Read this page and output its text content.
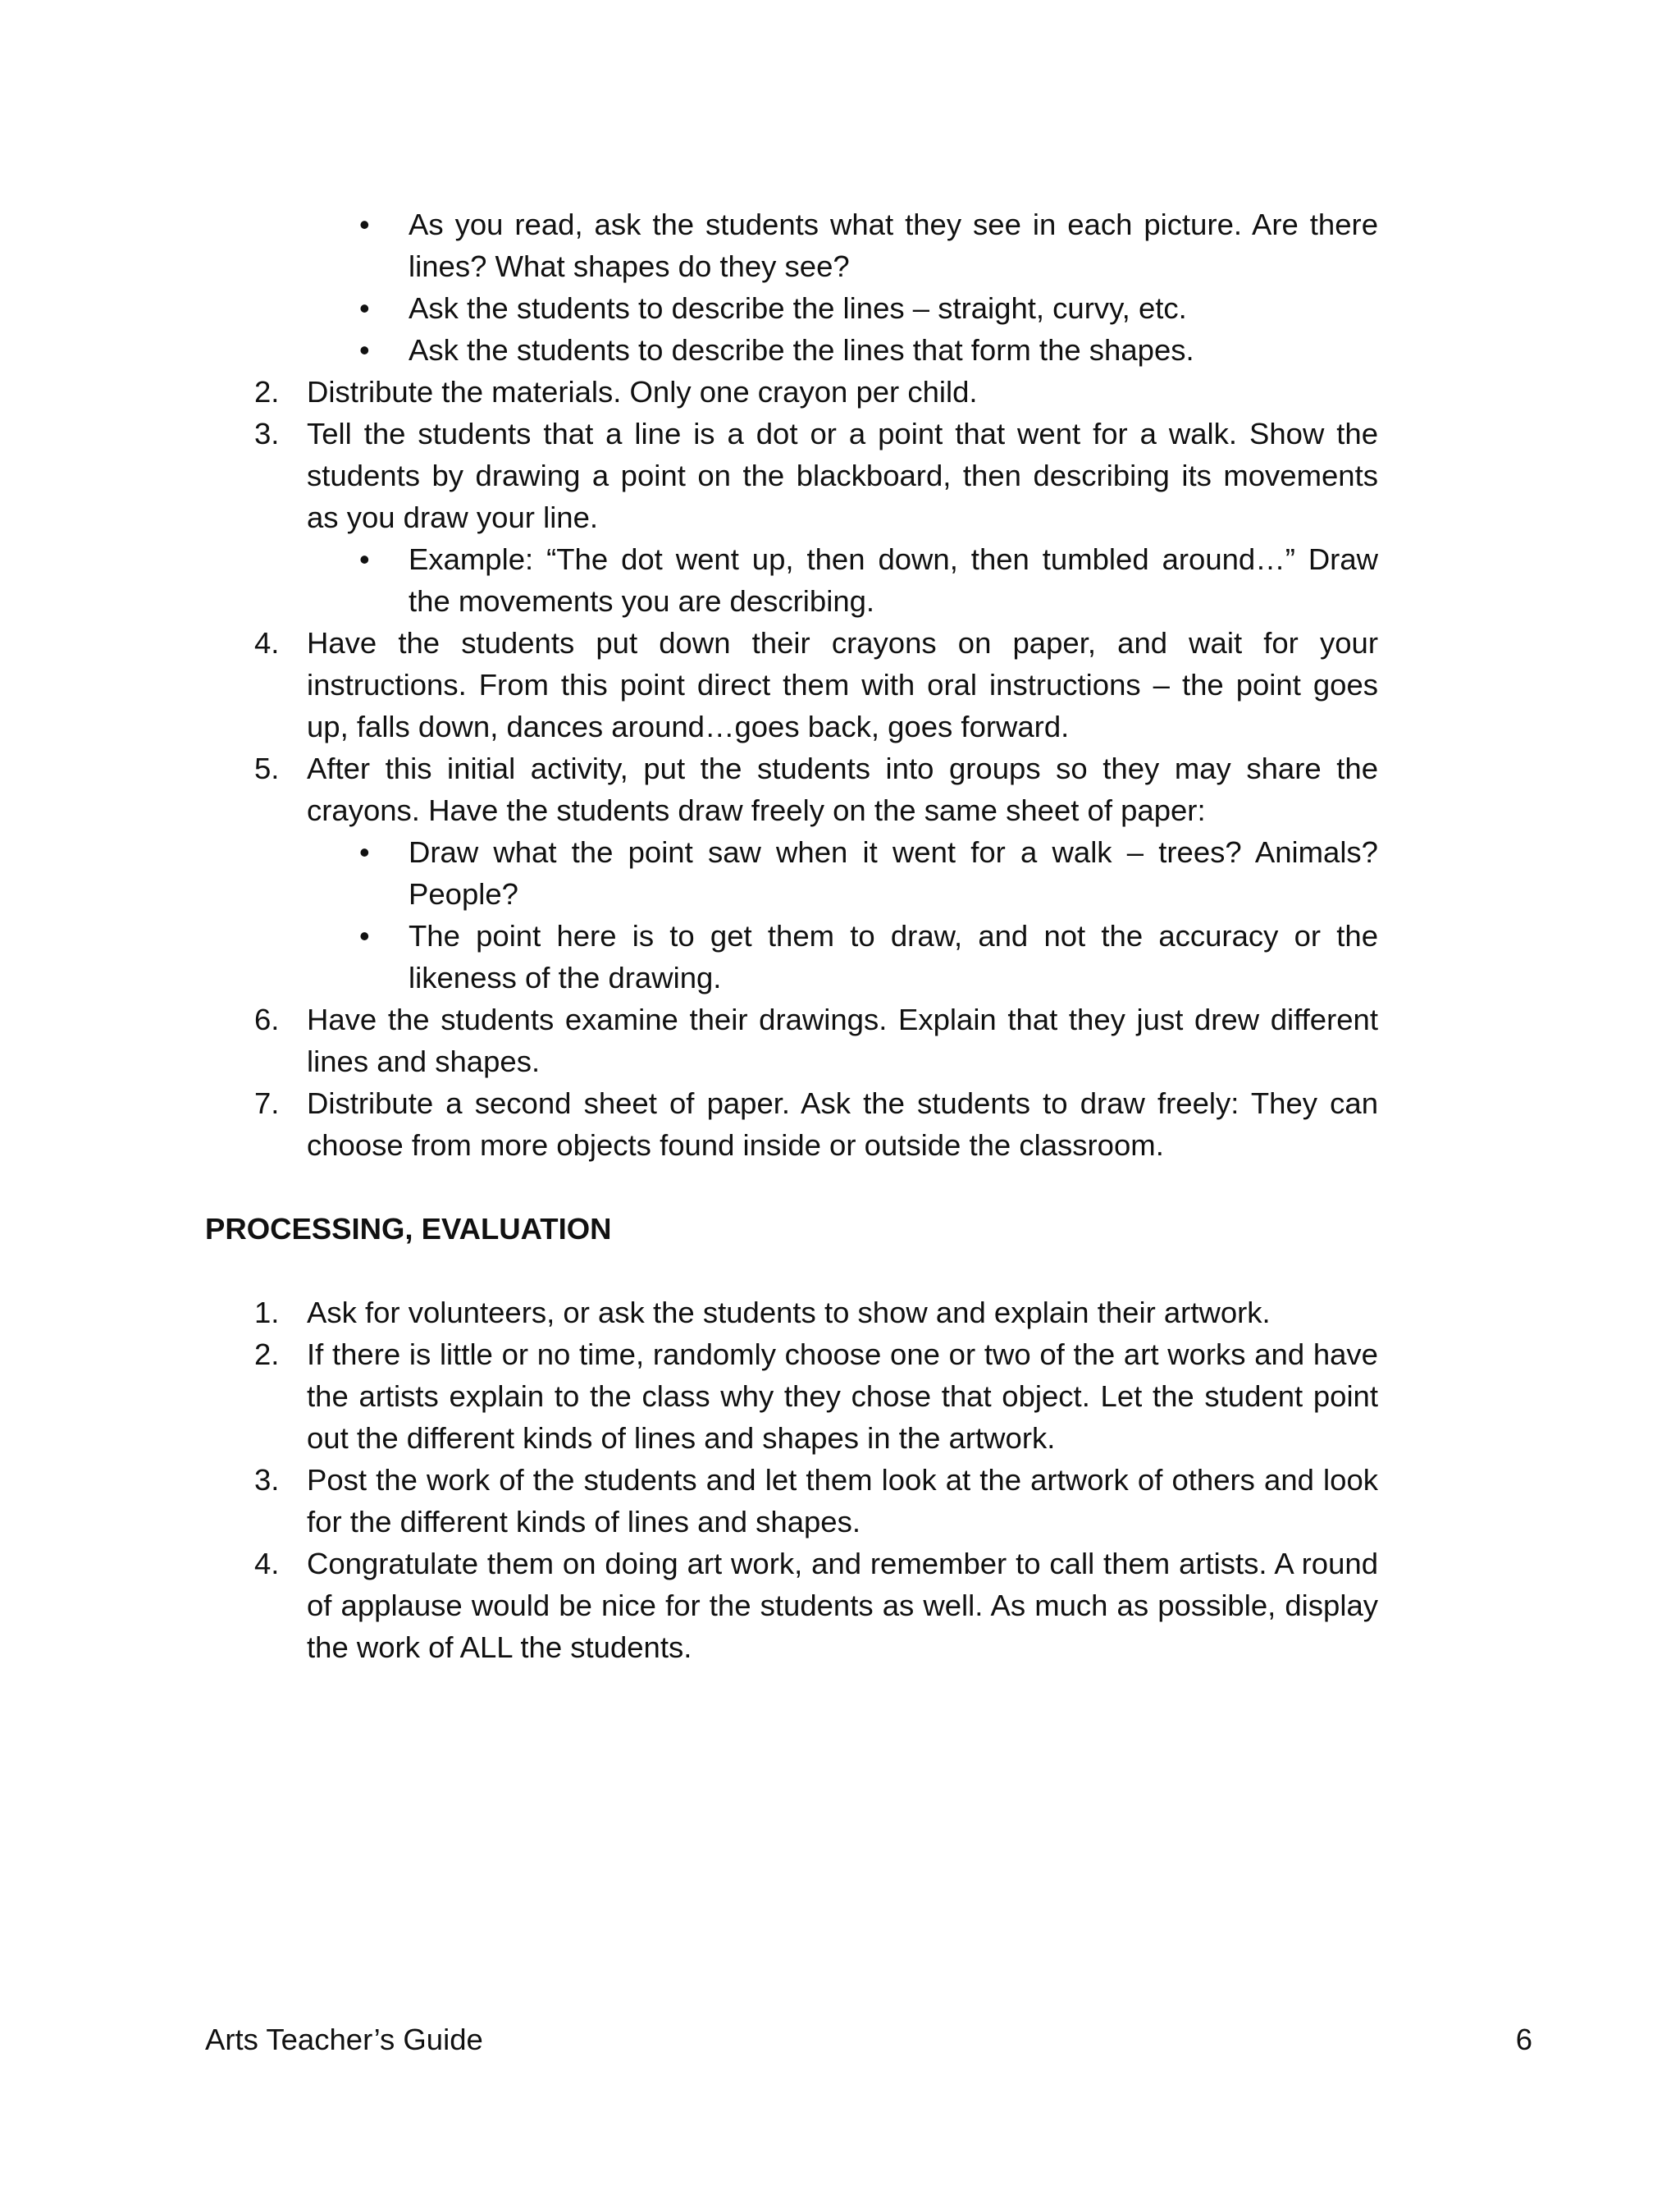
• As you read, ask the students what they see in each picture. Are there lines? What shapes do they see?
• Ask the students to describe the lines – straight, curvy, etc.
• Ask the students to describe the lines that form the shapes.
2. Distribute the materials. Only one crayon per child.
3. Tell the students that a line is a dot or a point that went for a walk. Show the students by drawing a point on the blackboard, then describing its movements as you draw your line.
• Example: “The dot went up, then down, then tumbled around…” Draw the movements you are describing.
4. Have the students put down their crayons on paper, and wait for your instructions. From this point direct them with oral instructions – the point goes up, falls down, dances around…goes back, goes forward.
5. After this initial activity, put the students into groups so they may share the crayons. Have the students draw freely on the same sheet of paper:
• Draw what the point saw when it went for a walk – trees? Animals? People?
• The point here is to get them to draw, and not the accuracy or the likeness of the drawing.
6. Have the students examine their drawings. Explain that they just drew different lines and shapes.
7. Distribute a second sheet of paper. Ask the students to draw freely: They can choose from more objects found inside or outside the classroom.
PROCESSING, EVALUATION
1. Ask for volunteers, or ask the students to show and explain their artwork.
2. If there is little or no time, randomly choose one or two of the art works and have the artists explain to the class why they chose that object. Let the student point out the different kinds of lines and shapes in the artwork.
3. Post the work of the students and let them look at the artwork of others and look for the different kinds of lines and shapes.
4. Congratulate them on doing art work, and remember to call them artists. A round of applause would be nice for the students as well. As much as possible, display the work of ALL the students.
Arts Teacher’s Guide	6
